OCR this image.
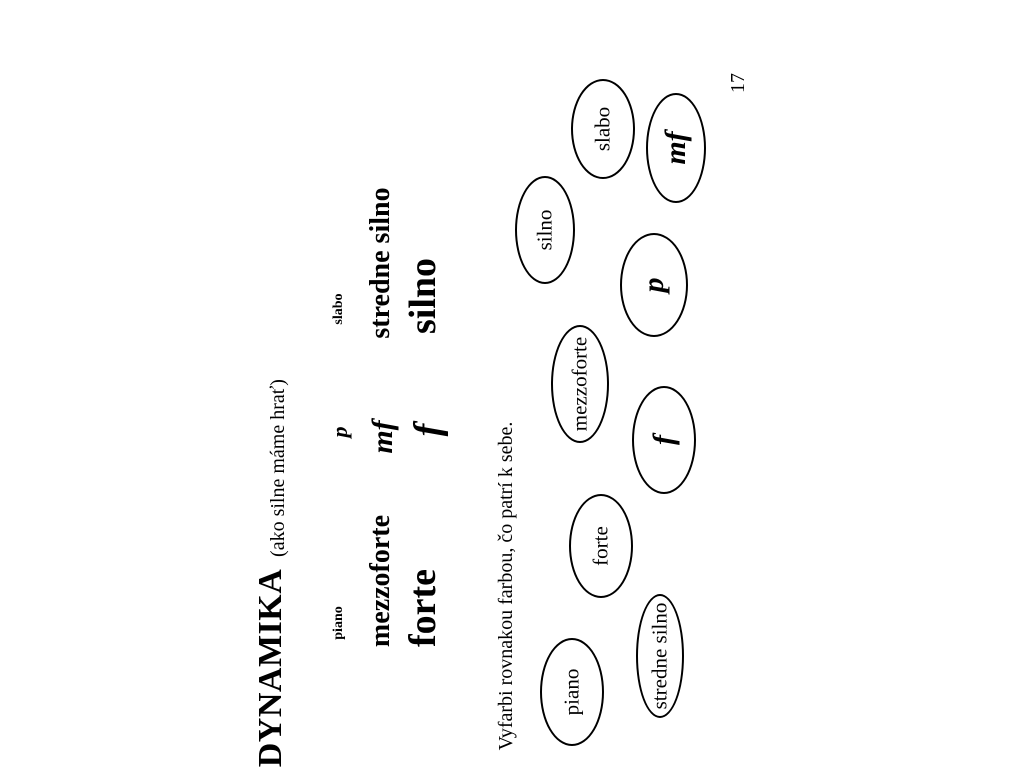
DYNAMIKA
(ako silne máme hrať)
piano
p
slabo
mezzoforte
mf
stredne silno
forte
f
silno
Vyfarbi rovnakou farbou, čo patrí k sebe.
17
piano	stredne silno
forte
f
mezzoforte
p
silno
slabo mf
